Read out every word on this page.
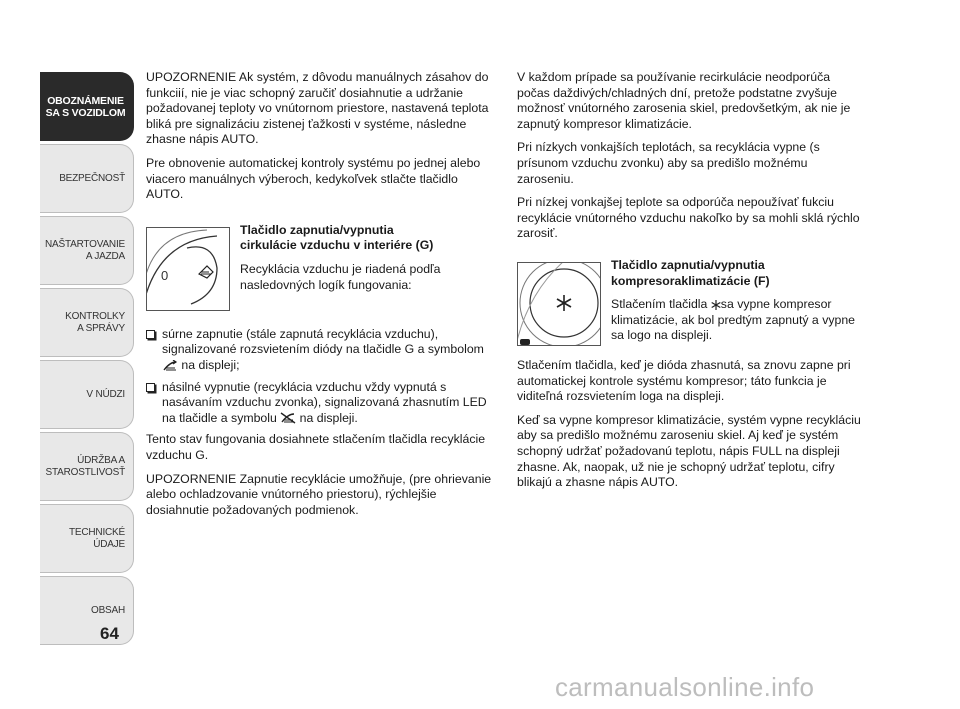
OBOZNÁMENIE
SA S VOZIDLOM
BEZPEČNOSŤ
NAŠTARTOVANIE
A JAZDA
KONTROLKY
A SPRÁVY
V NÚDZI
ÚDRŽBA A
STAROSTLIVOSŤ
TECHNICKÉ
ÚDAJE
OBSAH
64

UPOZORNENIE Ak systém, z dôvodu manuálnych zásahov do funkciií, nie je viac schopný zaručiť dosiahnutie a udržanie požadovanej teploty vo vnútornom priestore, nastavená teplota bliká pre signalizáciu zistenej ťažkosti v systéme, následne zhasne nápis AUTO.

Pre obnovenie automatickej kontroly systému po jednej alebo viacero manuálnych výberoch, kedykoľvek stlačte tlačidlo AUTO.

0

Tlačidlo zapnutia/vypnutia
cirkulácie vzduchu v interiére (G)

Recyklácia vzduchu je riadená podľa nasledovných logík fungovania:

súrne zapnutie (stále zapnutá recyklácia vzduchu), signalizované rozsvietením diódy na tlačidle G a symbolom  na displeji;
násilné vypnutie (recyklácia vzduchu vždy vypnutá s nasávaním vzduchu zvonka), signalizovaná zhasnutím LED na tlačidle a symbolu  na displeji.

Tento stav fungovania dosiahnete stlačením tlačidla recyklácie vzduchu G.

UPOZORNENIE Zapnutie recyklácie umožňuje, (pre ohrievanie alebo ochladzovanie vnútorného priestoru), rýchlejšie dosiahnutie požadovaných podmienok.

V každom prípade sa používanie recirkulácie neodporúča počas daždivých/chladných dní, pretože podstatne zvyšuje možnosť vnútorného zarosenia skiel, predovšetkým, ak nie je zapnutý kompresor klimatizácie.

Pri nízkych vonkajších teplotách, sa recyklácia vypne (s prísunom vzduchu zvonku) aby sa predišlo možnému zaroseniu.

Pri nízkej vonkajšej teplote sa odporúča nepoužívať fukciu recyklácie vnútorného vzduchu nakoľko by sa mohli sklá rýchlo zarosiť.

Tlačidlo zapnutia/vypnutia
kompresoraklimatizácie (F)

Stlačením tlačidla sa vypne kompresor klimatizácie, ak bol predtým zapnutý a vypne sa logo na displeji.

Stlačením tlačidla, keď je dióda zhasnutá, sa znovu zapne pri automatickej kontrole systému kompresor; táto funkcia je viditeľná rozsvietením loga na displeji.

Keď sa vypne kompresor klimatizácie, systém vypne recykláciu aby sa predišlo možnému zaroseniu skiel. Aj keď je systém schopný udržať požadovanú teplotu, nápis FULL na displeji zhasne. Ak, naopak, už nie je schopný udržať teplotu, cifry blikajú a zhasne nápis AUTO.

carmanualsonline.info
